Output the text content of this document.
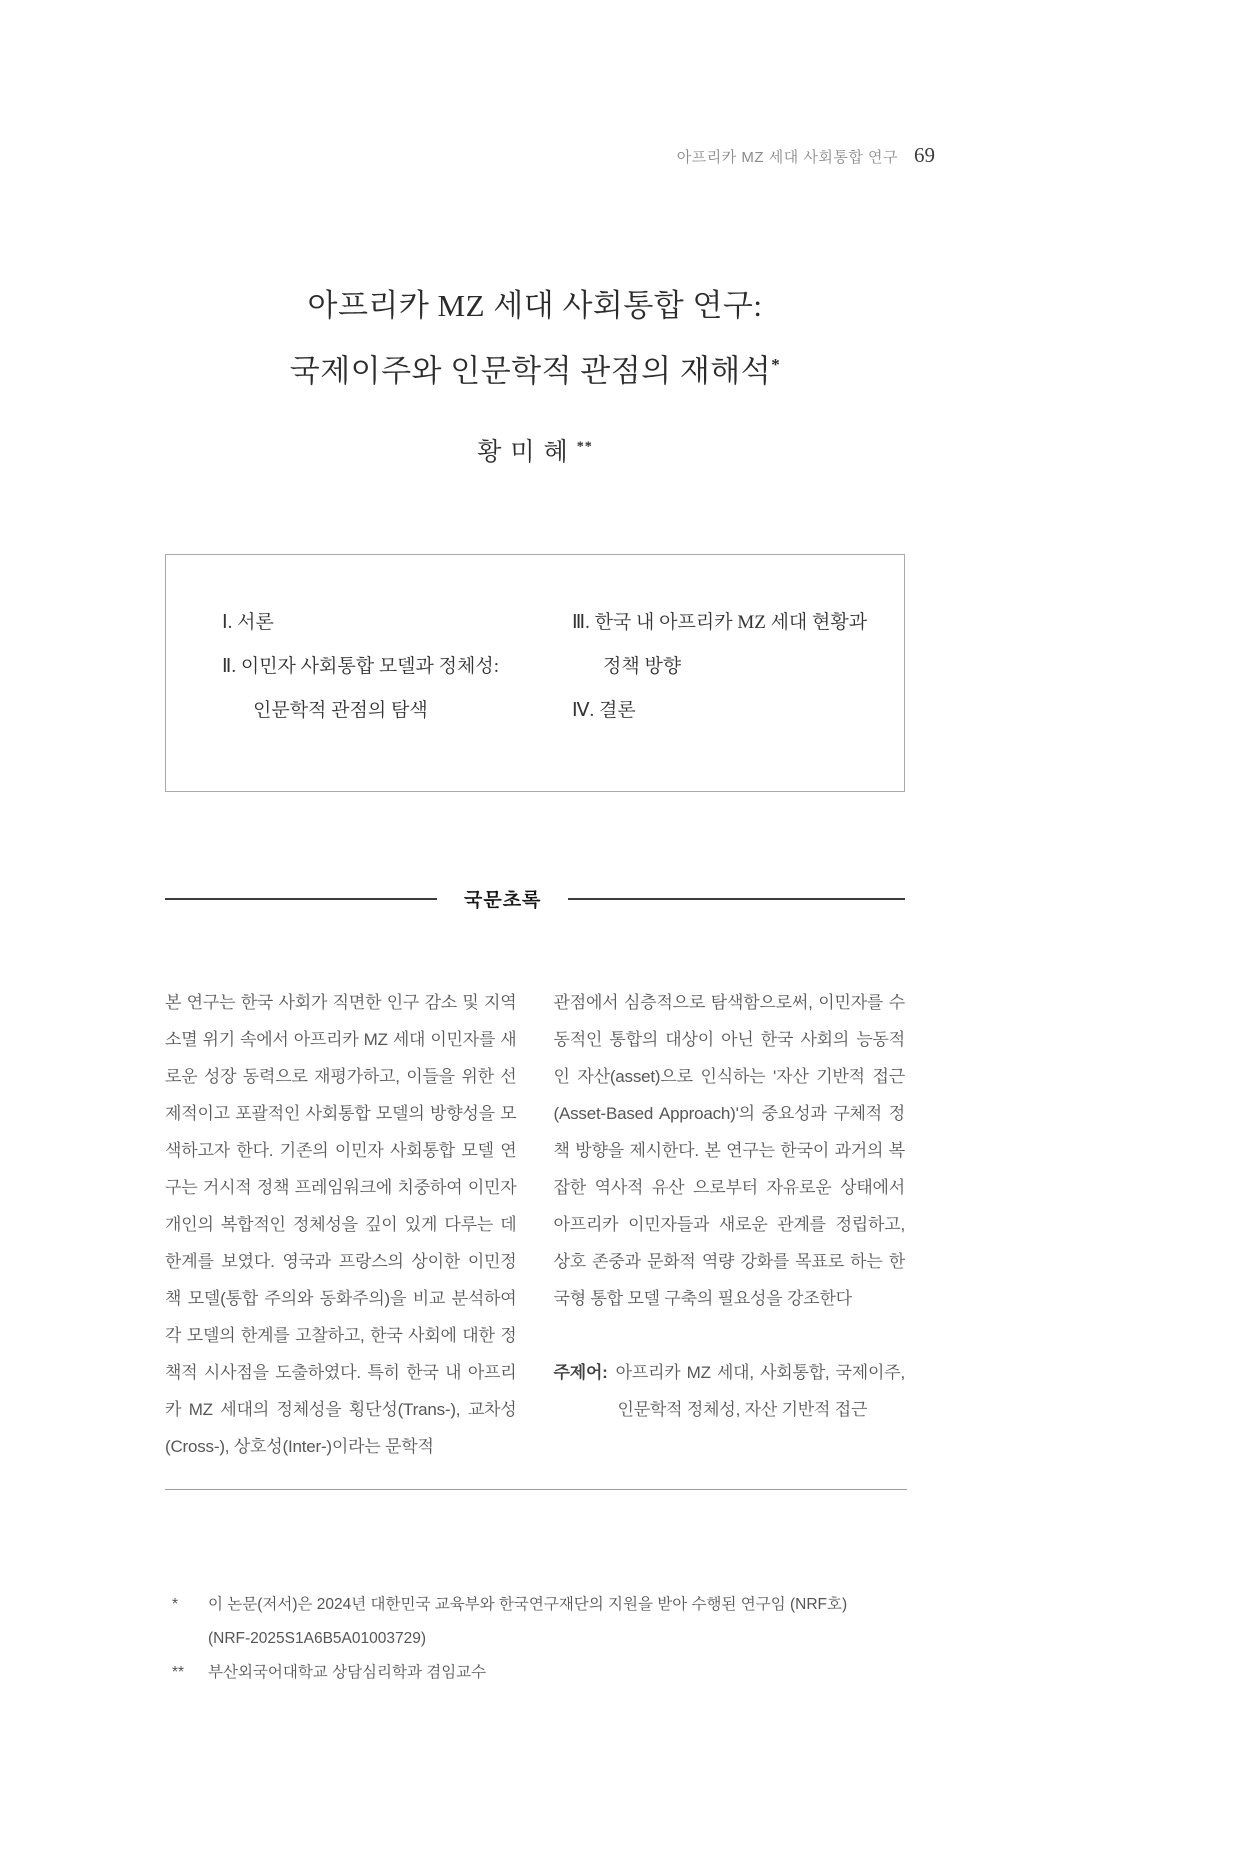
아프리카 MZ 세대 사회통합 연구 69
아프리카 MZ 세대 사회통합 연구:
국제이주와 인문학적 관점의 재해석*
황미혜**
Ⅰ. 서론
Ⅱ. 이민자 사회통합 모델과 정체성:
인문학적 관점의 탐색
Ⅲ. 한국 내 아프리카 MZ 세대 현황과
정책 방향
Ⅳ. 결론
국문초록
본 연구는 한국 사회가 직면한 인구 감소 및 지역 소멸 위기 속에서 아프리카 MZ 세대 이민자를 새로운 성장 동력으로 재평가하고, 이들을 위한 선제적이고 포괄적인 사회통합 모델의 방향성을 모색하고자 한다. 기존의 이민자 사회통합 모델 연구는 거시적 정책 프레임워크에 치중하여 이민자 개인의 복합적인 정체성을 깊이 있게 다루는 데 한계를 보였다. 영국과 프랑스의 상이한 이민정책 모델(통합 주의와 동화주의)을 비교 분석하여 각 모델의 한계를 고찰하고, 한국 사회에 대한 정책적 시사점을 도출하였다. 특히 한국 내 아프리카 MZ 세대의 정체성을 횡단성(Trans-), 교차성(Cross-), 상호성(Inter-)이라는 문학적
관점에서 심층적으로 탐색함으로써, 이민자를 수동적인 통합의 대상이 아닌 한국 사회의 능동적인 자산(asset)으로 인식하는 '자산 기반적 접근(Asset-Based Approach)'의 중요성과 구체적 정책 방향을 제시한다. 본 연구는 한국이 과거의 복잡한 역사적 유산 으로부터 자유로운 상태에서 아프리카 이민자들과 새로운 관계를 정립하고, 상호 존중과 문화적 역량 강화를 목표로 하는 한국형 통합 모델 구축의 필요성을 강조한다
주제어: 아프리카 MZ 세대, 사회통합, 국제이주, 인문학적 정체성, 자산 기반적 접근
*	이 논문(저서)은 2024년 대한민국 교육부와 한국연구재단의 지원을 받아 수행된 연구임 (NRF호)
(NRF-2025S1A6B5A01003729)
**	부산외국어대학교 상담심리학과 겸임교수
